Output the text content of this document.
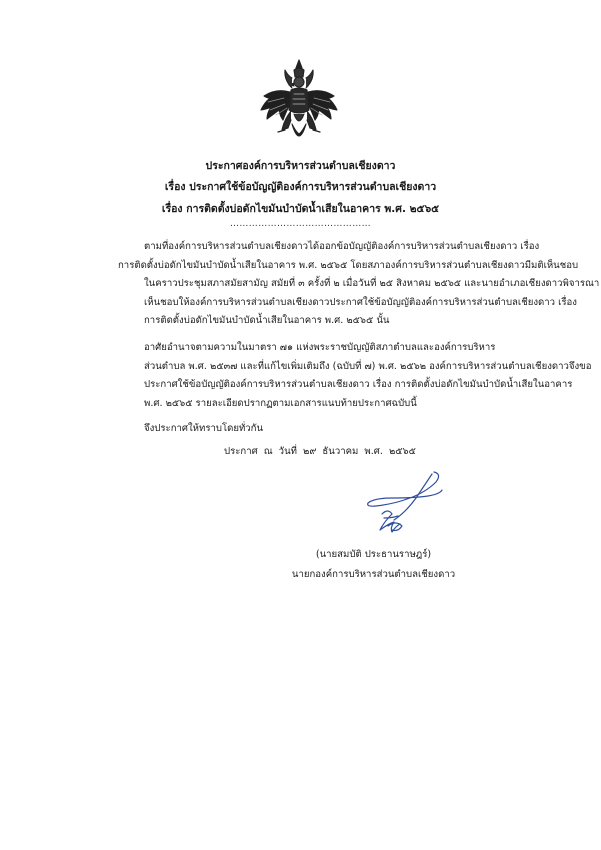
ประกาศองค์การบริหารส่วนตำบลเชียงดาว
เรื่อง ประกาศใช้ข้อบัญญัติองค์การบริหารส่วนตำบลเชียงดาว
เรื่อง การติดตั้งบ่อดักไขมันบำบัดน้ำเสียในอาคาร พ.ศ. ๒๕๖๕
………………………………………
ตามที่องค์การบริหารส่วนตำบลเชียงดาวได้ออกข้อบัญญัติองค์การบริหารส่วนตำบลเชียงดาว เรื่อง
การติดตั้งบ่อดักไขมันบำบัดน้ำเสียในอาคาร พ.ศ. ๒๕๖๕ โดยสภาองค์การบริหารส่วนตำบลเชียงดาวมีมติเห็นชอบ
ในคราวประชุมสภาสมัยสามัญ สมัยที่ ๓ ครั้งที่ ๒ เมื่อวันที่ ๒๕ สิงหาคม ๒๕๖๕ และนายอำเภอเชียงดาวพิจารณา
เห็นชอบให้องค์การบริหารส่วนตำบลเชียงดาวประกาศใช้ข้อบัญญัติองค์การบริหารส่วนตำบลเชียงดาว เรื่อง
การติดตั้งบ่อดักไขมันบำบัดน้ำเสียในอาคาร พ.ศ. ๒๕๖๕ นั้น
อาศัยอำนาจตามความในมาตรา ๗๑ แห่งพระราชบัญญัติสภาตำบลและองค์การบริหาร
ส่วนตำบล พ.ศ. ๒๕๓๗ และที่แก้ไขเพิ่มเติมถึง (ฉบับที่ ๗) พ.ศ. ๒๕๖๒ องค์การบริหารส่วนตำบลเชียงดาวจึงขอ
ประกาศใช้ข้อบัญญัติองค์การบริหารส่วนตำบลเชียงดาว เรื่อง การติดตั้งบ่อดักไขมันบำบัดน้ำเสียในอาคาร
พ.ศ. ๒๕๖๕ รายละเอียดปรากฏตามเอกสารแนบท้ายประกาศฉบับนี้
จึงประกาศให้ทราบโดยทั่วกัน
ประกาศ ณ วันที่ ๒๙ ธันวาคม พ.ศ. ๒๕๖๕
(นายสมบัติ ประธานราษฎร์)
นายกองค์การบริหารส่วนตำบลเชียงดาว
